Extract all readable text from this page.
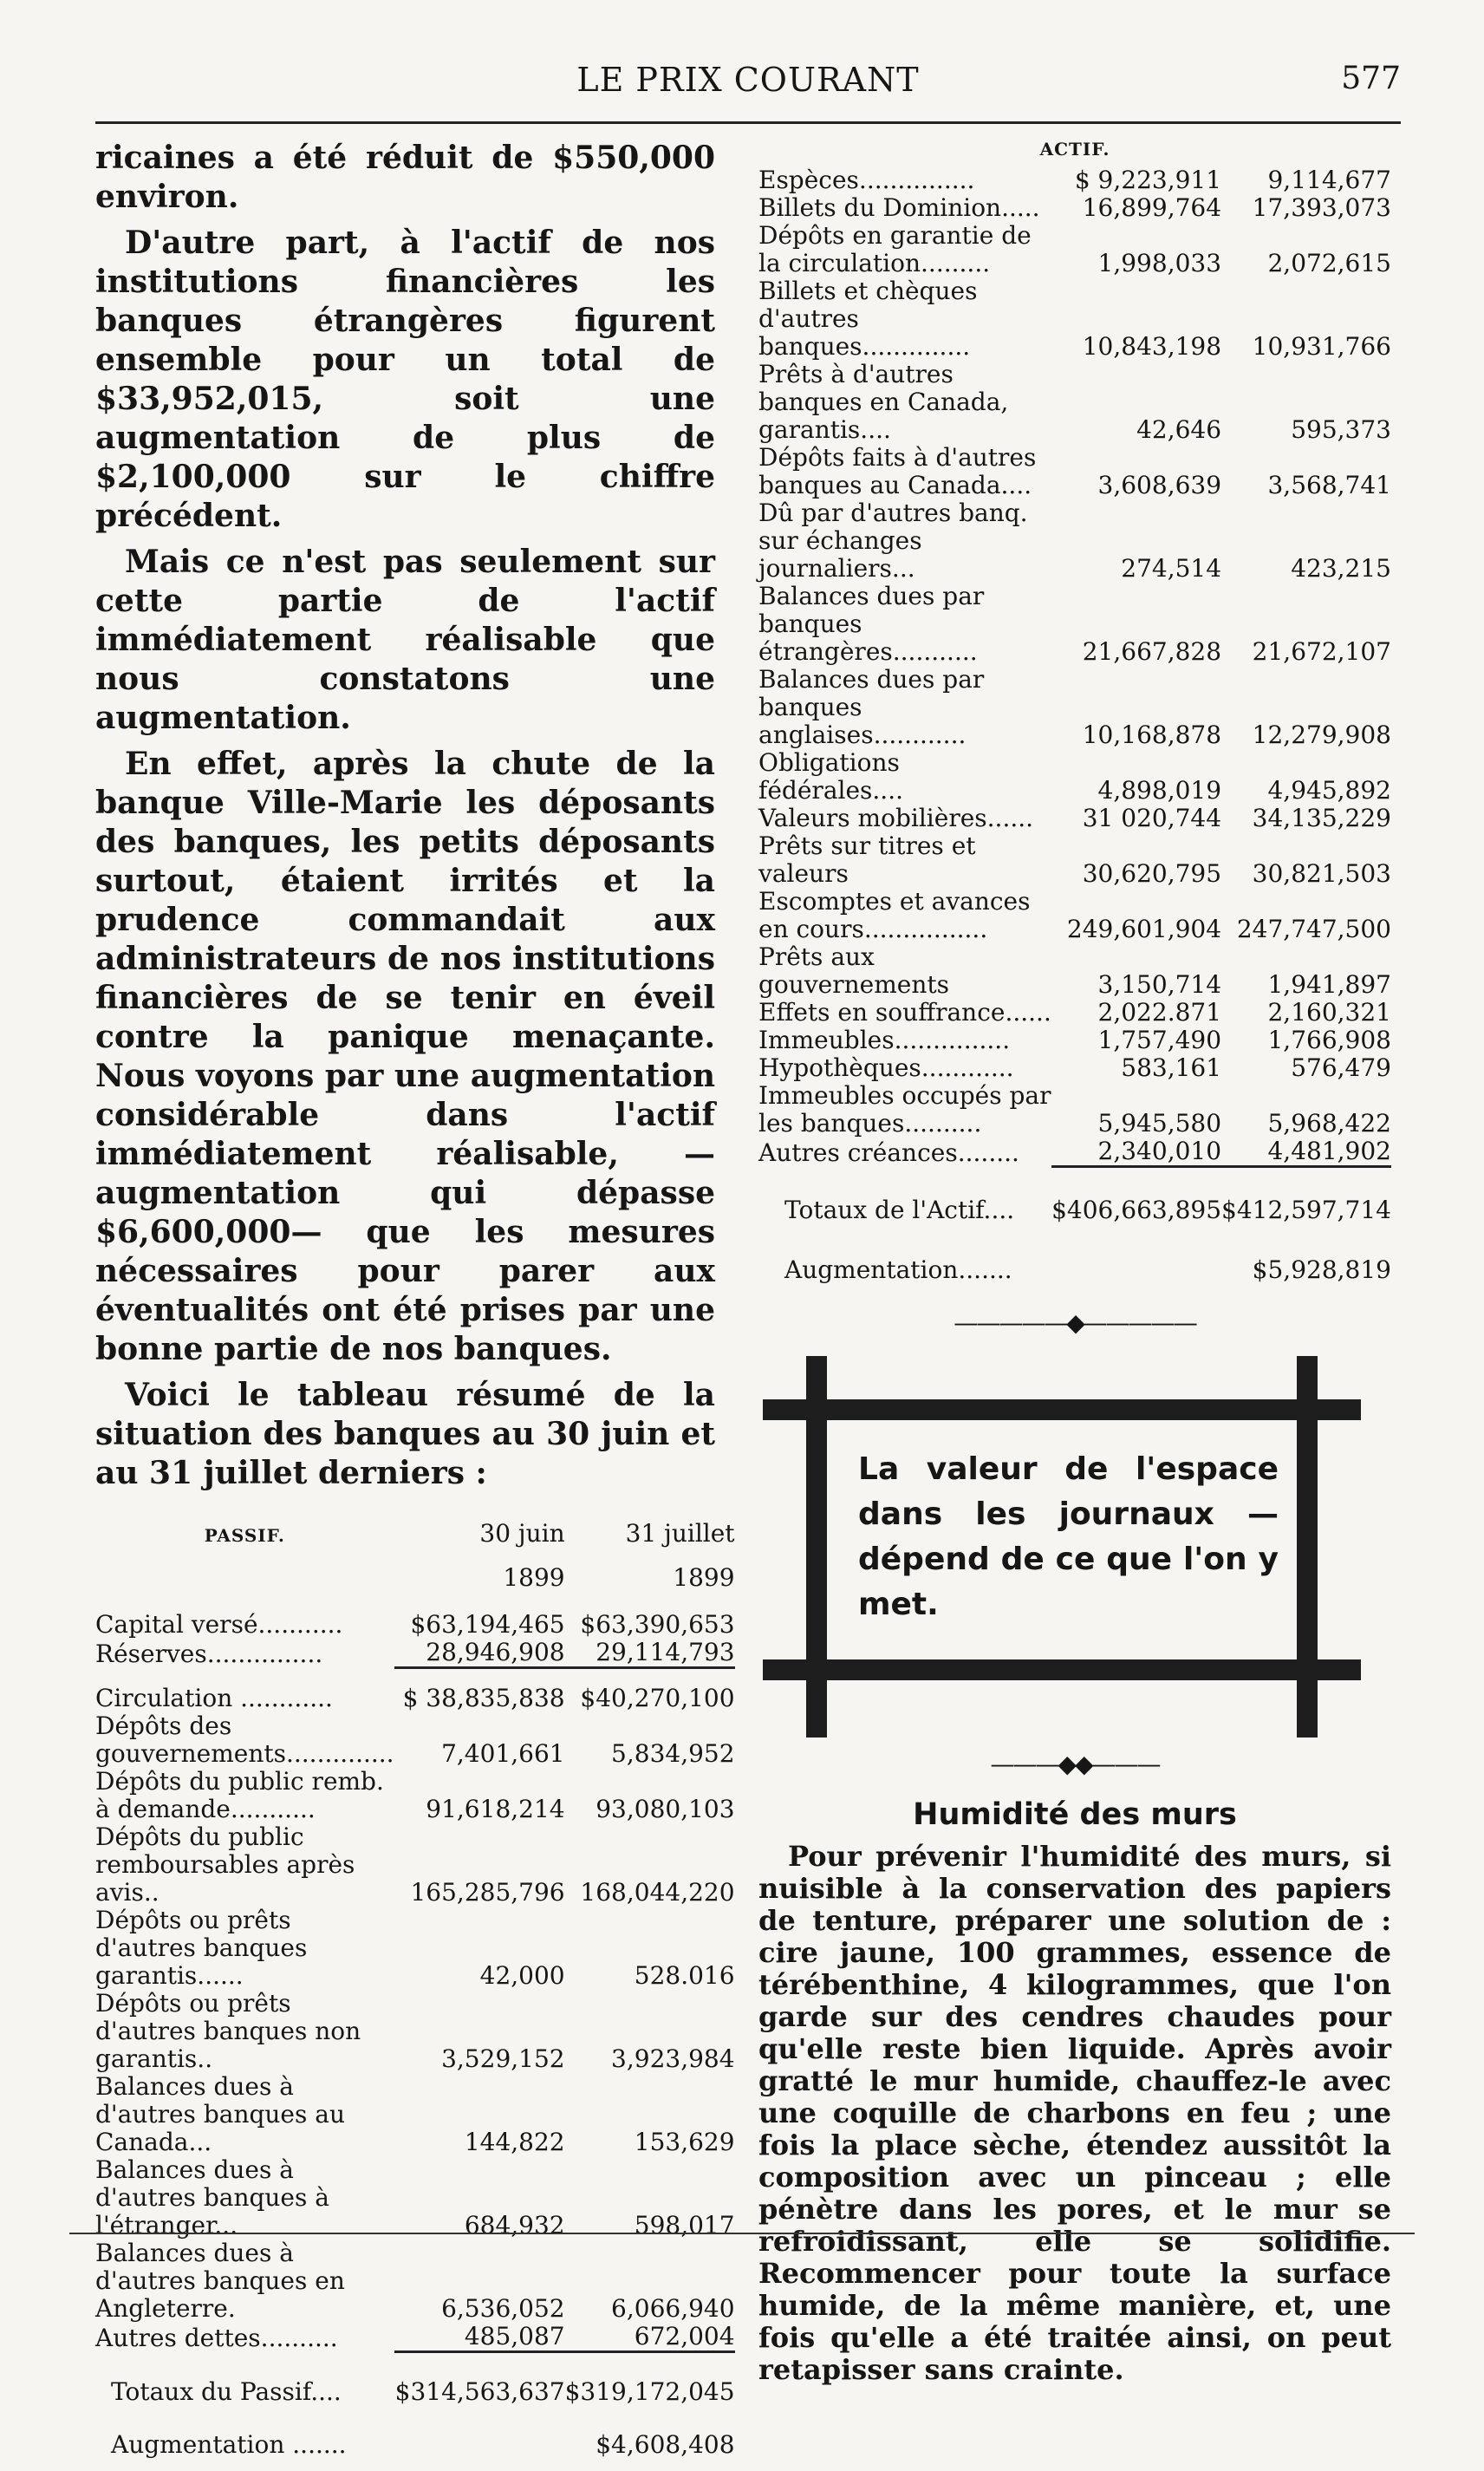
LE PRIX COURANT	577

ricaines a été réduit de $550,000 environ.

D'autre part, à l'actif de nos institutions financières les banques étrangères figurent ensemble pour un total de $33,952,015, soit une augmentation de plus de $2,100,000 sur le chiffre précédent.

Mais ce n'est pas seulement sur cette partie de l'actif immédiatement réalisable que nous constatons une augmentation.

En effet, après la chute de la banque Ville-Marie les déposants des banques, les petits déposants surtout, étaient irrités et la prudence commandait aux administrateurs de nos institutions financières de se tenir en éveil contre la panique menaçante. Nous voyons par une augmentation considérable dans l'actif immédiatement réalisable, — augmentation qui dépasse $6,600,000— que les mesures nécessaires pour parer aux éventualités ont été prises par une bonne partie de nos banques.

Voici le tableau résumé de la situation des banques au 30 juin et au 31 juillet derniers :

PASSIF.	30 juin	31 juillet
	1899	1899
Capital versé...........	$63,194,465	$63,390,653
Réserves...............	28,946,908	29,114,793

Circulation ............	$ 38,835,838	$40,270,100
Dépôts des gouvernements..............	7,401,661	5,834,952
Dépôts du public remb. à demande...........	91,618,214	93,080,103
Dépôts du public remboursables après avis..	165,285,796	168,044,220
Dépôts ou prêts d'autres banques garantis......	42,000	528.016
Dépôts ou prêts d'autres banques non garantis..	3,529,152	3,923,984
Balances dues à d'autres banques au Canada...	144,822	153,629
Balances dues à d'autres banques à l'étranger...	684,932	598,017
Balances dues à d'autres banques en Angleterre.	6,536,052	6,066,940
Autres dettes..........	485,087	672,004

Totaux du Passif....	$314,563,637	$319,172,045
Augmentation .......		$4,608,408
ACTIF.
Espèces...............	$ 9,223,911	9,114,677
Billets du Dominion.....	16,899,764	17,393,073
Dépôts en garantie de la circulation.........	1,998,033	2,072,615
Billets et chèques d'autres banques..............	10,843,198	10,931,766
Prêts à d'autres banques en Canada, garantis....	42,646	595,373
Dépôts faits à d'autres banques au Canada....	3,608,639	3,568,741
Dû par d'autres banq. sur échanges journaliers...	274,514	423,215
Balances dues par banques étrangères...........	21,667,828	21,672,107
Balances dues par banques anglaises............	10,168,878	12,279,908
Obligations fédérales....	4,898,019	4,945,892
Valeurs mobilières......	31 020,744	34,135,229
Prêts sur titres et valeurs	30,620,795	30,821,503
Escomptes et avances en cours................	249,601,904	247,747,500
Prêts aux gouvernements	3,150,714	1,941,897
Effets en souffrance......	2,022.871	2,160,321
Immeubles...............	1,757,490	1,766,908
Hypothèques............	583,161	576,479
Immeubles occupés par les banques..........	5,945,580	5,968,422
Autres créances........	2,340,010	4,481,902

Totaux de l'Actif....	$406,663,895	$412,597,714
Augmentation.......		$5,928,819
—————◆—————
La valeur de l'espace dans les journaux — dépend de ce que l'on y met.
———◆◆———
Humidité des murs

Pour prévenir l'humidité des murs, si nuisible à la conservation des papiers de tenture, préparer une solution de : cire jaune, 100 grammes, essence de térébenthine, 4 kilogrammes, que l'on garde sur des cendres chaudes pour qu'elle reste bien liquide. Après avoir gratté le mur humide, chauffez-le avec une coquille de charbons en feu ; une fois la place sèche, étendez aussitôt la composition avec un pinceau ; elle pénètre dans les pores, et le mur se refroidissant, elle se solidifie. Recommencer pour toute la surface humide, de la même manière, et, une fois qu'elle a été traitée ainsi, on peut retapisser sans crainte.
